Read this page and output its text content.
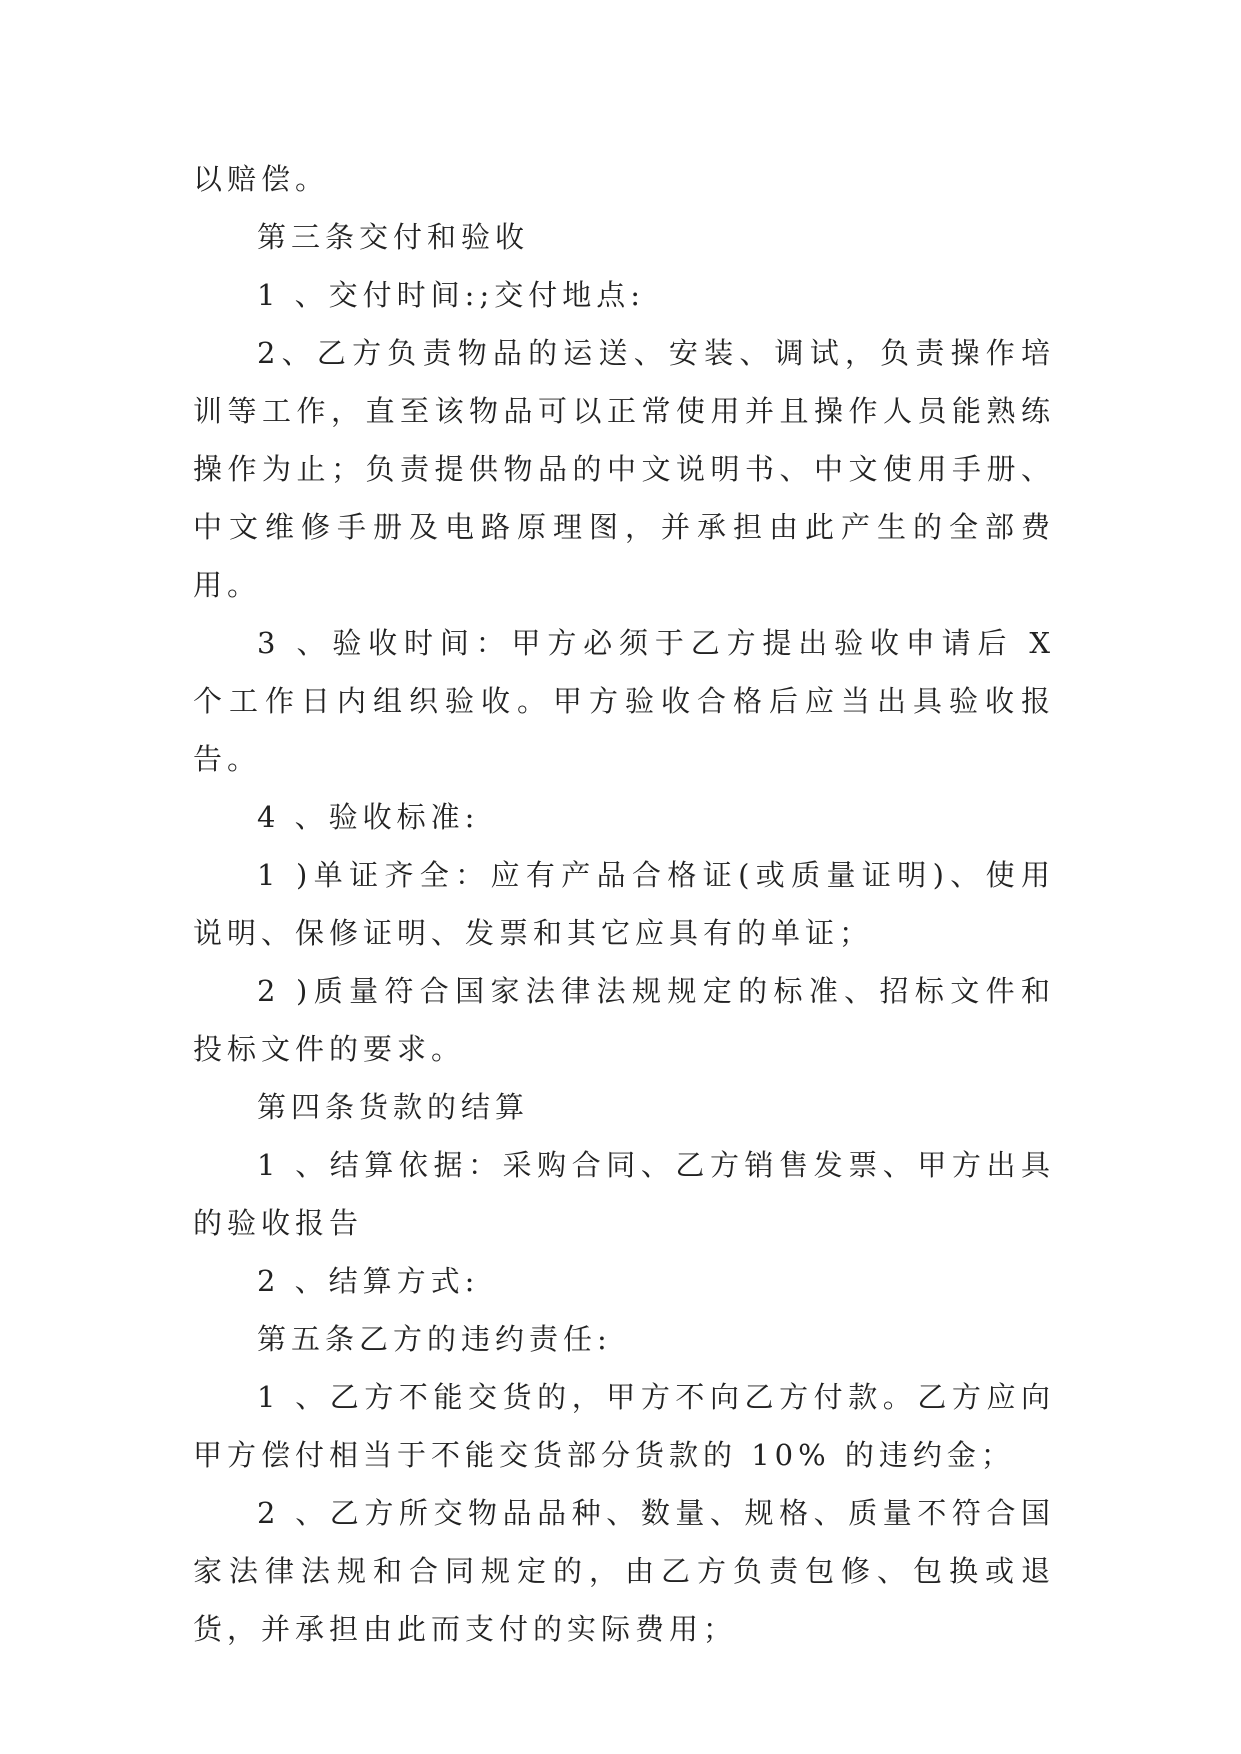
以赔偿。

第三条交付和验收

1 、交付时间:;交付地点:

2、乙方负责物品的运送、安装、调试，负责操作培训等工作，直至该物品可以正常使用并且操作人员能熟练操作为止；负责提供物品的中文说明书、中文使用手册、中文维修手册及电路原理图，并承担由此产生的全部费用。

3 、验收时间：甲方必须于乙方提出验收申请后 X 个工作日内组织验收。甲方验收合格后应当出具验收报告。

4 、验收标准:

1 )单证齐全：应有产品合格证(或质量证明)、使用说明、保修证明、发票和其它应具有的单证；

2 )质量符合国家法律法规规定的标准、招标文件和投标文件的要求。

第四条货款的结算

1 、结算依据：采购合同、乙方销售发票、甲方出具的验收报告

2 、结算方式:

第五条乙方的违约责任:

1 、乙方不能交货的，甲方不向乙方付款。乙方应向甲方偿付相当于不能交货部分货款的 10% 的违约金；

2 、乙方所交物品品种、数量、规格、质量不符合国家法律法规和合同规定的，由乙方负责包修、包换或退货，并承担由此而支付的实际费用；
